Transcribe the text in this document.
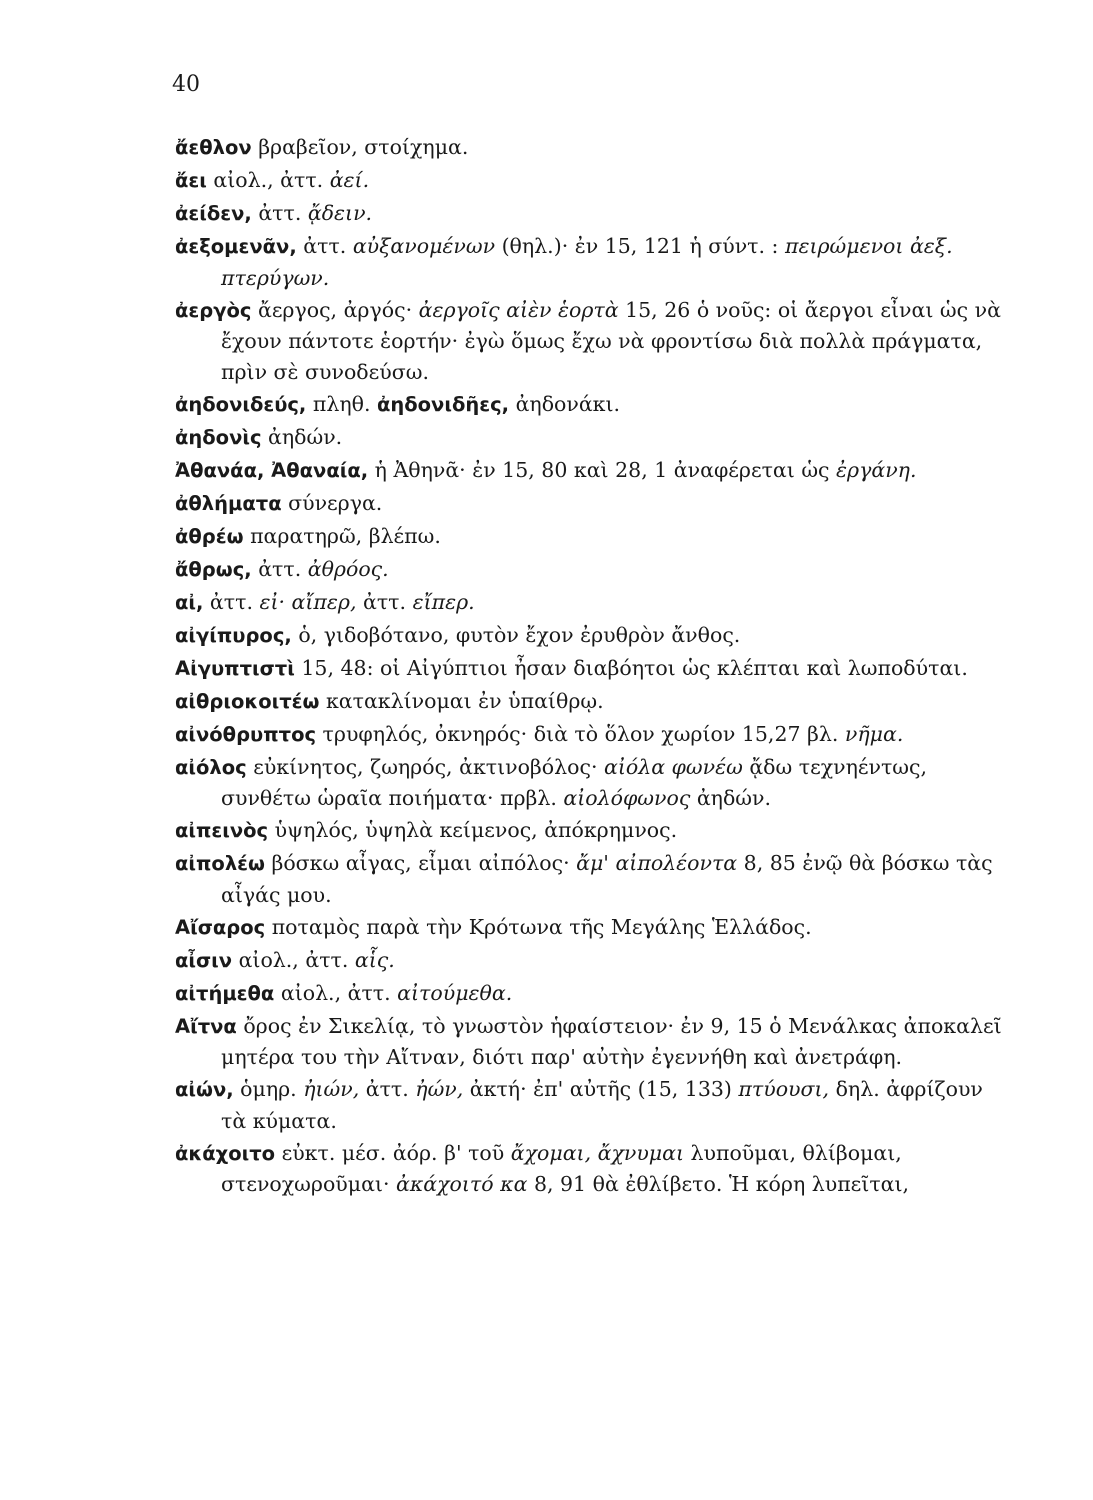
40

ἄεθλον βραβεῖον, στοίχημα.

ἄει αἰολ., ἀττ. ἀεί.

ἀείδεν, ἀττ. ᾄδειν.

ἀεξομενᾶν, ἀττ. αὐξανομένων (θηλ.)· ἐν 15, 121 ἡ σύντ. : πειρώμενοι ἀεξ. πτερύγων.

ἀεργὸς ἄεργος, ἀργός· ἀεργοῖς αἰὲν ἑορτὰ 15, 26 ὁ νοῦς: οἱ ἄεργοι εἶναι ὡς νὰ ἔχουν πάντοτε ἑορτήν· ἐγὼ ὅμως ἔχω νὰ φροντίσω διὰ πολλὰ πράγματα, πρὶν σὲ συνοδεύσω.

ἀηδονιδεύς, πληθ. ἀηδονιδῆες, ἀηδονάκι.

ἀηδονὶς ἀηδών.

Ἀθανάα, Ἀθαναία, ἡ Ἀθηνᾶ· ἐν 15, 80 καὶ 28, 1 ἀναφέρεται ὡς ἐργάνη.

ἀθλήματα σύνεργα.

ἀθρέω παρατηρῶ, βλέπω.

ἄθρως, ἀττ. ἀθρόος.

αἰ, ἀττ. εἰ· αἴπερ, ἀττ. εἴπερ.

αἰγίπυρος, ὁ, γιδοβότανο, φυτὸν ἔχον ἐρυθρὸν ἄνθος.

Αἰγυπτιστὶ 15, 48: οἱ Αἰγύπτιοι ἦσαν διαβόητοι ὡς κλέπται καὶ λωποδύται.

αἰθριοκοιτέω κατακλίνομαι ἐν ὑπαίθρῳ.

αἰνόθρυπτος τρυφηλός, ὀκνηρός· διὰ τὸ ὅλον χωρίον 15,27 βλ. νῆμα.

αἰόλος εὐκίνητος, ζωηρός, ἀκτινοβόλος· αἰόλα φωνέω ᾄδω τεχνηέντως, συνθέτω ὡραῖα ποιήματα· πρβλ. αἰολόφωνος ἀηδών.

αἰπεινὸς ὑψηλός, ὑψηλὰ κείμενος, ἀπόκρημνος.

αἰπολέω βόσκω αἶγας, εἶμαι αἰπόλος· ἄμ' αἰπολέοντα 8, 85 ἐνῷ θὰ βόσκω τὰς αἶγάς μου.

Αἴσαρος ποταμὸς παρὰ τὴν Κρότωνα τῆς Μεγάλης Ἑλλάδος.

αἶσιν αἰολ., ἀττ. αἷς.

αἰτήμεθα αἰολ., ἀττ. αἰτούμεθα.

Αἴτνα ὄρος ἐν Σικελίᾳ, τὸ γνωστὸν ἡφαίστειον· ἐν 9, 15 ὁ Μενάλκας ἀποκαλεῖ μητέρα του τὴν Αἴτναν, διότι παρ' αὐτὴν ἐγεννήθη καὶ ἀνετράφη.

αἰών, ὁμηρ. ἠιών, ἀττ. ἠών, ἀκτή· ἐπ' αὐτῆς (15, 133) πτύουσι, δηλ. ἀφρίζουν τὰ κύματα.

ἀκάχοιτο εὐκτ. μέσ. ἀόρ. β' τοῦ ἄχομαι, ἄχνυμαι λυποῦμαι, θλίβομαι, στενοχωροῦμαι· ἀκάχοιτό κα 8, 91 θὰ ἐθλίβετο. Ἡ κόρη λυπεῖται,
